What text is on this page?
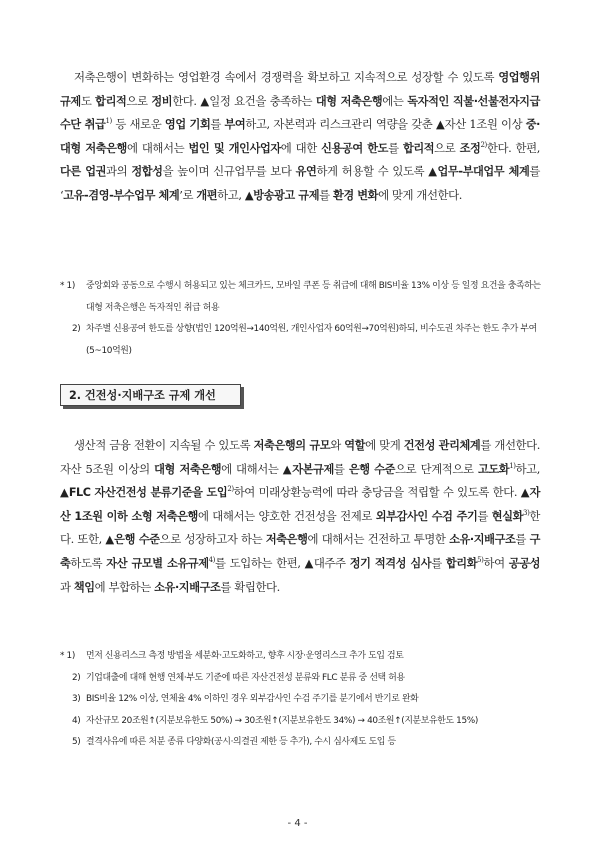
저축은행이 변화하는 영업환경 속에서 경쟁력을 확보하고 지속적으로 성장할 수 있도록 영업행위 규제도 합리적으로 정비한다. ▲일정 요건을 충족하는 대형 저축은행에는 독자적인 직불·선불전자지급수단 취급$^{1)}$ 등 새로운 영업 기회를 부여하고, 자본력과 리스크관리 역량을 갖춘 ▲자산 1조원 이상 중·대형 저축은행에 대해서는 법인 및 개인사업자에 대한 신용공여 한도를 합리적으로 조정$^{2)}$한다. 한편, 다른 업권과의 정합성을 높이며 신규업무를 보다 유연하게 허용할 수 있도록 ▲업무-부대업무 체계를 ‘고유-겸영-부수업무 체계’로 개편하고, ▲방송광고 규제를 환경 변화에 맞게 개선한다.

* 1)	중앙회와 공동으로 수행시 허용되고 있는 체크카드, 모바일 쿠폰 등 취급에 대해 BIS비율 13% 이상 등 일정 요건을 충족하는 대형 저축은행은 독자적인 취급 허용
2) 차주별 신용공여 한도를 상향(법인 120억원→140억원, 개인사업자 60억원→70억원)하되, 비수도권 차주는 한도 추가 부여(5~10억원)
2. 건전성·지배구조 규제 개선

생산적 금융 전환이 지속될 수 있도록 저축은행의 규모와 역할에 맞게 건전성 관리체계를 개선한다. 자산 5조원 이상의 대형 저축은행에 대해서는 ▲자본규제를 은행 수준으로 단계적으로 고도화$^{1)}$하고, ▲FLC 자산건전성 분류기준을 도입$^{2)}$하여 미래상환능력에 따라 충당금을 적립할 수 있도록 한다. ▲자산 1조원 이하 소형 저축은행에 대해서는 양호한 건전성을 전제로 외부감사인 수검 주기를 현실화$^{3)}$한다. 또한, ▲은행 수준으로 성장하고자 하는 저축은행에 대해서는 건전하고 투명한 소유·지배구조를 구축하도록 자산 규모별 소유규제$^{4)}$를 도입하는 한편, ▲대주주 정기 적격성 심사를 합리화$^{5)}$하여 공공성과 책임에 부합하는 소유·지배구조를 확립한다.

* 1)	먼저 신용리스크 측정 방법을 세분화·고도화하고, 향후 시장·운영리스크 추가 도입 검토
2) 기업대출에 대해 현행 연체·부도 기준에 따른 자산건전성 분류와 FLC 분류 중 선택 허용
3) BIS비율 12% 이상, 연체율 4% 이하인 경우 외부감사인 수검 주기를 분기에서 반기로 완화
4) 자산규모 20조원↑(지분보유한도 50%) → 30조원↑(지분보유한도 34%) → 40조원↑(지분보유한도 15%)
5) 결격사유에 따른 처분 종류 다양화(공시·의결권 제한 등 추가), 수시 심사제도 도입 등
- 4 -
